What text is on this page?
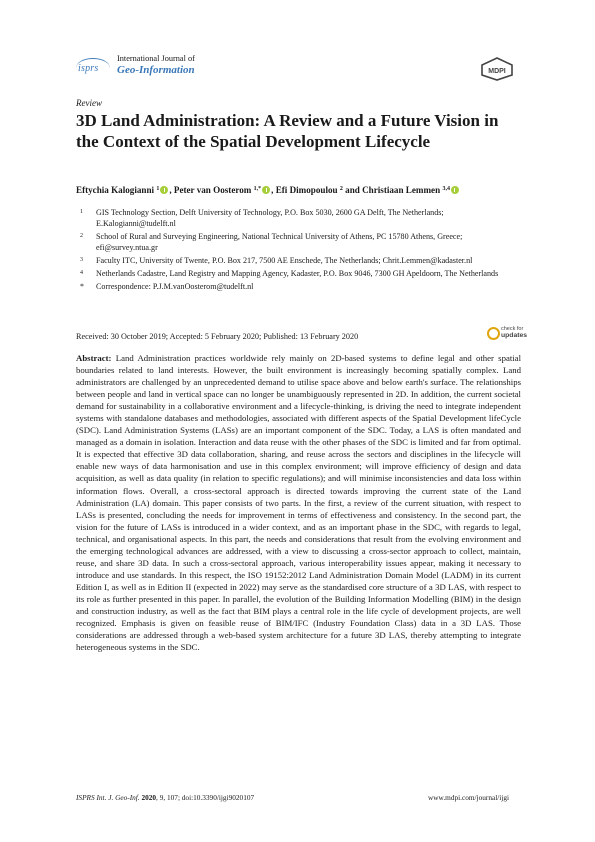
isprs
International Journal of
Geo-Information	MDPI
Review
3D Land Administration: A Review and a Future Vision in the Context of the Spatial Development Lifecycle
Eftychia Kalogianni $^1$ , Peter van Oosterom $^{1,*}$ , Efi Dimopoulou $^2$ and Christiaan Lemmen $^{3,4}$
1	GIS Technology Section, Delft University of Technology, P.O. Box 5030, 2600 GA Delft, The Netherlands; E.Kalogianni@tudelft.nl
2	School of Rural and Surveying Engineering, National Technical University of Athens, PC 15780 Athens, Greece; efi@survey.ntua.gr
3	Faculty ITC, University of Twente, P.O. Box 217, 7500 AE Enschede, The Netherlands; Chrit.Lemmen@kadaster.nl
4	Netherlands Cadastre, Land Registry and Mapping Agency, Kadaster, P.O. Box 9046, 7300 GH Apeldoorn, The Netherlands
*	Correspondence: P.J.M.vanOosterom@tudelft.nl
Received: 30 October 2019; Accepted: 5 February 2020; Published: 13 February 2020
check for
updates
Abstract: Land Administration practices worldwide rely mainly on 2D-based systems to define legal and other spatial boundaries related to land interests. However, the built environment is increasingly becoming spatially complex. Land administrators are challenged by an unprecedented demand to utilise space above and below earth's surface. The relationships between people and land in vertical space can no longer be unambiguously represented in 2D. In addition, the current societal demand for sustainability in a collaborative environment and a lifecycle-thinking, is driving the need to integrate independent systems with standalone databases and methodologies, associated with different aspects of the Spatial Development lifeCycle (SDC). Land Administration Systems (LASs) are an important component of the SDC. Today, a LAS is often mandated and managed as a domain in isolation. Interaction and data reuse with the other phases of the SDC is limited and far from optimal. It is expected that effective 3D data collaboration, sharing, and reuse across the sectors and disciplines in the lifecycle will enable new ways of data harmonisation and use in this complex environment; will improve efficiency of design and data acquisition, as well as data quality (in relation to specific regulations); and will minimise inconsistencies and data loss within information flows. Overall, a cross-sectoral approach is directed towards improving the current state of the Land Administration (LA) domain. This paper consists of two parts. In the first, a review of the current situation, with respect to LASs is presented, concluding the needs for improvement in terms of effectiveness and consistency. In the second part, the vision for the future of LASs is introduced in a wider context, and as an important phase in the SDC, with regards to legal, technical, and organisational aspects. In this part, the needs and considerations that result from the evolving environment and the emerging technological advances are addressed, with a view to discussing a cross-sector approach to collect, maintain, reuse, and share 3D data. In such a cross-sectoral approach, various interoperability issues appear, making it necessary to introduce and use standards. In this respect, the ISO 19152:2012 Land Administration Domain Model (LADM) in its current Edition I, as well as in Edition II (expected in 2022) may serve as the standardised core structure of a 3D LAS, with respect to its role as further presented in this paper. In parallel, the evolution of the Building Information Modelling (BIM) in the design and construction industry, as well as the fact that BIM plays a central role in the life cycle of development projects, are well recognized. Emphasis is given on feasible reuse of BIM/IFC (Industry Foundation Class) data in a 3D LAS. Those considerations are addressed through a web-based system architecture for a future 3D LAS, thereby attempting to integrate heterogeneous systems in the SDC.
ISPRS Int. J. Geo-Inf. 2020, 9, 107; doi:10.3390/ijgi9020107	www.mdpi.com/journal/ijgi
